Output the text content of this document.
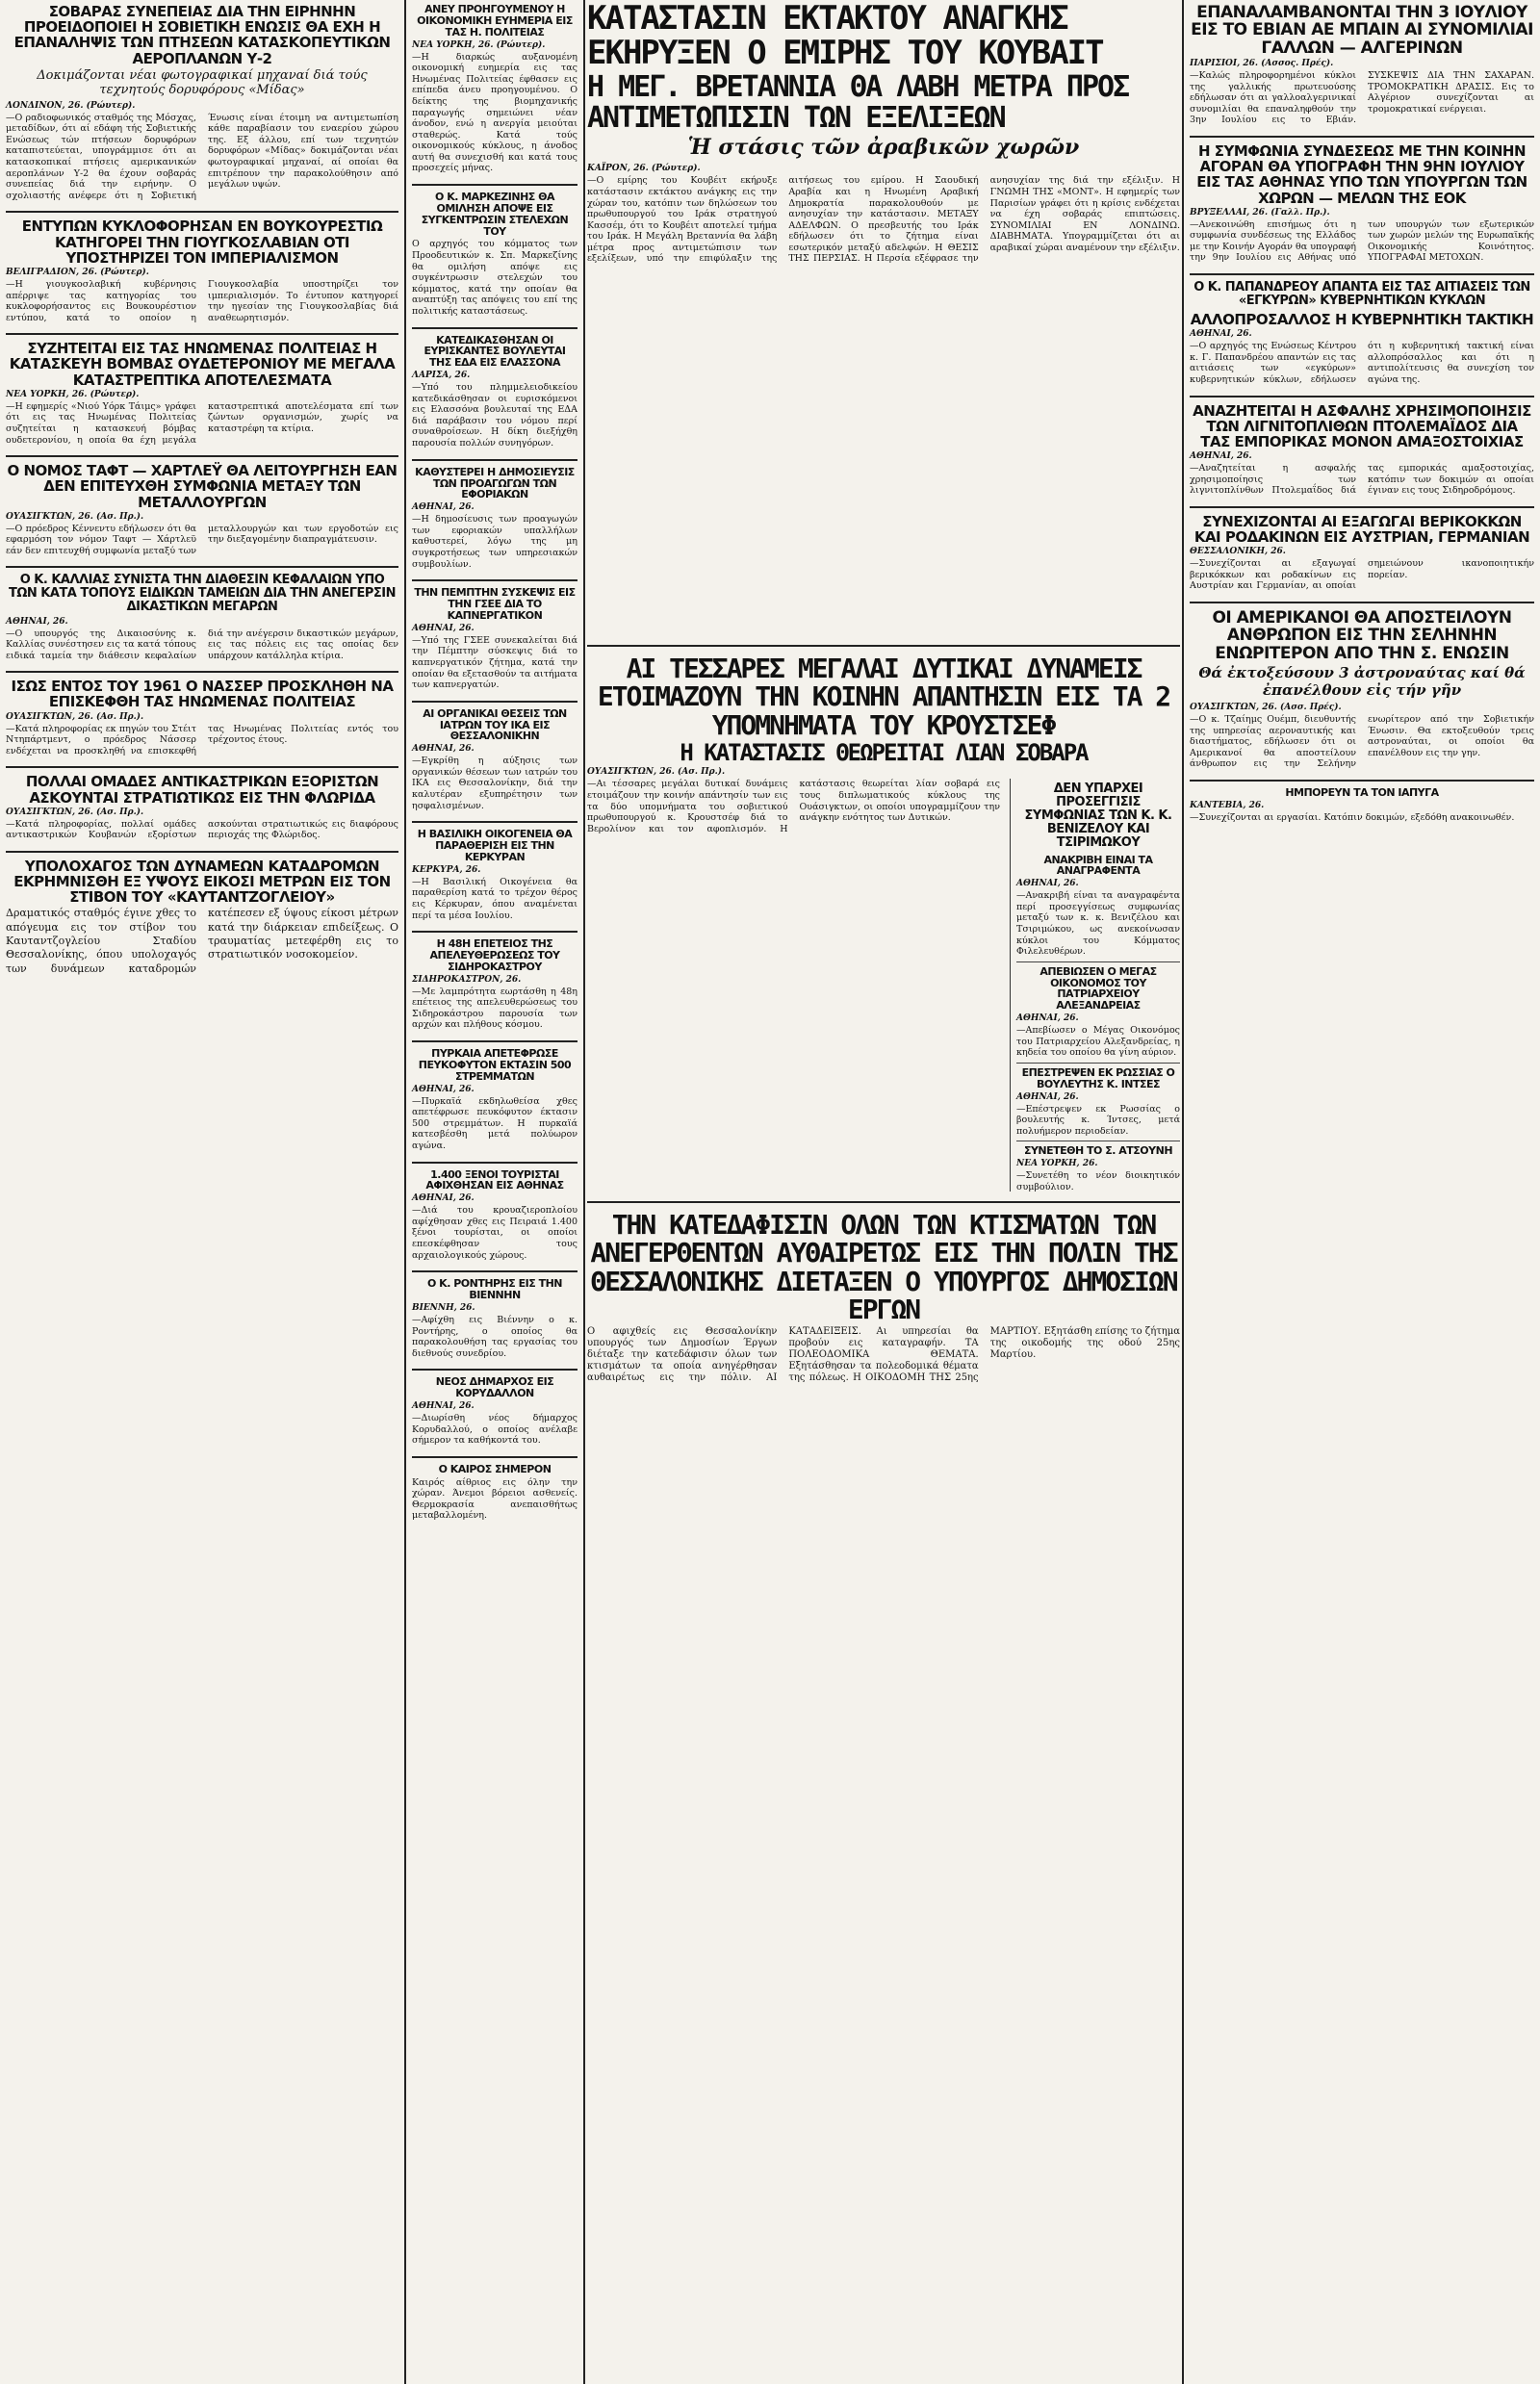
ΣΟΒΑΡΑΣ ΣΥΝΕΠΕΙΑΣ ΔΙΑ ΤΗΝ ΕΙΡΗΝΗΝ ΠΡΟΕΙΔΟΠΟΙΕΙ Η ΣΟΒΙΕΤΙΚΗ ΕΝΩΣΙΣ ΘΑ ΕΧΗ Η ΕΠΑΝΑΛΗΨΙΣ ΤΩΝ ΠΤΗΣΕΩΝ ΚΑΤΑΣΚΟΠΕΥΤΙΚΩΝ ΑΕΡΟΠΛΑΝΩΝ Υ-2
Δοκιμάζονται νέαι φωτογραφικαί μηχαναί διά τούς τεχνητούς δορυφόρους «Μίδας»
ΛΟΝΔΙΝΟΝ, 26. (Ρώυτερ).

—Ο ραδιοφωνικός σταθμός της Μόσχας, μεταδίδων, ότι αί εδάφη τής Σοβιετικής Ενώσεως τών πτήσεων δορυφόρων καταπιστεύεται, υπογράμμισε ότι αι κατασκοπικαί πτήσεις αμερικανικών αεροπλάνων Υ-2 θα έχουν σοβαράς συνεπείας διά την ειρήνην. Ο σχολιαστής ανέφερε ότι η Σοβιετική Ένωσις είναι έτοιμη να αντιμετωπίση κάθε παραβίασιν του εναερίου χώρου της. Εξ άλλου, επί των τεχνητών δορυφόρων «Μίδας» δοκιμάζονται νέαι φωτογραφικαί μηχαναί, αί οποίαι θα επιτρέπουν την παρακολούθησιν από μεγάλων υψών.

ΕΝΤΥΠΩΝ ΚΥΚΛΟΦΟΡΗΣΑΝ ΕΝ ΒΟΥΚΟΥΡΕΣΤΙΩ ΚΑΤΗΓΟΡΕΙ ΤΗΝ ΓΙΟΥΓΚΟΣΛΑΒΙΑΝ ΟΤΙ ΥΠΟΣΤΗΡΙΖΕΙ ΤΟΝ ΙΜΠΕΡΙΑΛΙΣΜΟΝ
ΒΕΛΙΓΡΑΔΙΟΝ, 26. (Ρώυτερ).

—Η γιουγκοσλαβική κυβέρνησις απέρριψε τας κατηγορίας του κυκλοφορήσαντος εις Βουκουρέστιον εντύπου, κατά το οποίον η Γιουγκοσλαβία υποστηρίζει τον ιμπεριαλισμόν. Το έντυπον κατηγορεί την ηγεσίαν της Γιουγκοσλαβίας διά αναθεωρητισμόν.

ΣΥΖΗΤΕΙΤΑΙ ΕΙΣ ΤΑΣ ΗΝΩΜΕΝΑΣ ΠΟΛΙΤΕΙΑΣ Η ΚΑΤΑΣΚΕΥΗ ΒΟΜΒΑΣ ΟΥΔΕΤΕΡΟΝΙΟΥ ΜΕ ΜΕΓΑΛΑ ΚΑΤΑΣΤΡΕΠΤΙΚΑ ΑΠΟΤΕΛΕΣΜΑΤΑ
ΝΕΑ ΥΟΡΚΗ, 26. (Ρώυτερ).

—Η εφημερίς «Νιού Υόρκ Τάιμς» γράφει ότι εις τας Ηνωμένας Πολιτείας συζητείται η κατασκευή βόμβας ουδετερονίου, η οποία θα έχη μεγάλα καταστρεπτικά αποτελέσματα επί των ζώντων οργανισμών, χωρίς να καταστρέφη τα κτίρια.

Ο ΝΟΜΟΣ ΤΑΦΤ — ΧΑΡΤΛΕΫ ΘΑ ΛΕΙΤΟΥΡΓΗΣΗ ΕΑΝ ΔΕΝ ΕΠΙΤΕΥΧΘΗ ΣΥΜΦΩΝΙΑ ΜΕΤΑΞΥ ΤΩΝ ΜΕΤΑΛΛΟΥΡΓΩΝ
ΟΥΑΣΙΓΚΤΩΝ, 26. (Ασ. Πρ.).

—Ο πρόεδρος Κέννεντυ εδήλωσεν ότι θα εφαρμόση τον νόμον Ταφτ — Χάρτλεϋ εάν δεν επιτευχθή συμφωνία μεταξύ των μεταλλουργών και των εργοδοτών εις την διεξαγομένην διαπραγμάτευσιν.

Ο Κ. ΚΑΛΛΙΑΣ ΣΥΝΙΣΤΑ ΤΗΝ ΔΙΑΘΕΣΙΝ ΚΕΦΑΛΑΙΩΝ ΥΠΟ ΤΩΝ ΚΑΤΑ ΤΟΠΟΥΣ ΕΙΔΙΚΩΝ ΤΑΜΕΙΩΝ ΔΙΑ ΤΗΝ ΑΝΕΓΕΡΣΙΝ ΔΙΚΑΣΤΙΚΩΝ ΜΕΓΑΡΩΝ
ΑΘΗΝΑΙ, 26.

—Ο υπουργός της Δικαιοσύνης κ. Καλλίας συνέστησεν εις τα κατά τόπους ειδικά ταμεία την διάθεσιν κεφαλαίων διά την ανέγερσιν δικαστικών μεγάρων, εις τας πόλεις εις τας οποίας δεν υπάρχουν κατάλληλα κτίρια.

ΙΣΩΣ ΕΝΤΟΣ ΤΟΥ 1961 Ο ΝΑΣΣΕΡ ΠΡΟΣΚΛΗΘΗ ΝΑ ΕΠΙΣΚΕΦΘΗ ΤΑΣ ΗΝΩΜΕΝΑΣ ΠΟΛΙΤΕΙΑΣ
ΟΥΑΣΙΓΚΤΩΝ, 26. (Ασ. Πρ.).

—Κατά πληροφορίας εκ πηγών του Στέιτ Ντηπάρτμεντ, ο πρόεδρος Νάσσερ ενδέχεται να προσκληθή να επισκεφθή τας Ηνωμένας Πολιτείας εντός του τρέχοντος έτους.

ΠΟΛΛΑΙ ΟΜΑΔΕΣ ΑΝΤΙΚΑΣΤΡΙΚΩΝ ΕΞΟΡΙΣΤΩΝ ΑΣΚΟΥΝΤΑΙ ΣΤΡΑΤΙΩΤΙΚΩΣ ΕΙΣ ΤΗΝ ΦΛΩΡΙΔΑ
ΟΥΑΣΙΓΚΤΩΝ, 26. (Ασ. Πρ.).

—Κατά πληροφορίας, πολλαί ομάδες αντικαστρικών Κουβανών εξορίστων ασκούνται στρατιωτικώς εις διαφόρους περιοχάς της Φλώριδος.

ΥΠΟΛΟΧΑΓΟΣ ΤΩΝ ΔΥΝΑΜΕΩΝ ΚΑΤΑΔΡΟΜΩΝ ΕΚΡΗΜΝΙΣΘΗ ΕΞ ΥΨΟΥΣ ΕΙΚΟΣΙ ΜΕΤΡΩΝ ΕΙΣ ΤΟΝ ΣΤΙΒΟΝ ΤΟΥ «ΚΑΥΤΑΝΤΖΟΓΛΕΙΟΥ»

Δραματικός σταθμός έγινε χθες το απόγευμα εις τον στίβον του Καυταντζογλείου Σταδίου Θεσσαλονίκης, όπου υπολοχαγός των δυνάμεων καταδρομών κατέπεσεν εξ ύψους είκοσι μέτρων κατά την διάρκειαν επιδείξεως. Ο τραυματίας μετεφέρθη εις το στρατιωτικόν νοσοκομείον.

ΑΝΕΥ ΠΡΟΗΓΟΥΜΕΝΟΥ Η ΟΙΚΟΝΟΜΙΚΗ ΕΥΗΜΕΡΙΑ ΕΙΣ ΤΑΣ Η. ΠΟΛΙΤΕΙΑΣ
ΝΕΑ ΥΟΡΚΗ, 26. (Ρώυτερ).

—Η διαρκώς αυξανομένη οικονομική ευημερία εις τας Ηνωμένας Πολιτείας έφθασεν εις επίπεδα άνευ προηγουμένου. Ο δείκτης της βιομηχανικής παραγωγής σημειώνει νέαν άνοδον, ενώ η ανεργία μειούται σταθερώς. Κατά τούς οικονομικούς κύκλους, η άνοδος αυτή θα συνεχισθή και κατά τους προσεχείς μήνας.

Ο Κ. ΜΑΡΚΕΖΙΝΗΣ ΘΑ ΟΜΙΛΗΣΗ ΑΠΟΨΕ ΕΙΣ ΣΥΓΚΕΝΤΡΩΣΙΝ ΣΤΕΛΕΧΩΝ ΤΟΥ

Ο αρχηγός του κόμματος των Προοδευτικών κ. Σπ. Μαρκεζίνης θα ομιλήση απόψε εις συγκέντρωσιν στελεχών του κόμματος, κατά την οποίαν θα αναπτύξη τας απόψεις του επί της πολιτικής καταστάσεως.

ΚΑΤΕΔΙΚΑΣΘΗΣΑΝ ΟΙ ΕΥΡΙΣΚΑΝΤΕΣ ΒΟΥΛΕΥΤΑΙ ΤΗΣ ΕΔΑ ΕΙΣ ΕΛΑΣΣΟΝΑ
ΛΑΡΙΣΑ, 26.

—Υπό του πλημμελειοδικείου κατεδικάσθησαν οι ευρισκόμενοι εις Ελασσόνα βουλευταί της ΕΔΑ διά παράβασιν του νόμου περί συναθροίσεων. Η δίκη διεξήχθη παρουσία πολλών συνηγόρων.

ΚΑΘΥΣΤΕΡΕΙ Η ΔΗΜΟΣΙΕΥΣΙΣ ΤΩΝ ΠΡΟΑΓΩΓΩΝ ΤΩΝ ΕΦΟΡΙΑΚΩΝ
ΑΘΗΝΑΙ, 26.

—Η δημοσίευσις των προαγωγών των εφοριακών υπαλλήλων καθυστερεί, λόγω της μη συγκροτήσεως των υπηρεσιακών συμβουλίων.

ΤΗΝ ΠΕΜΠΤΗΝ ΣΥΣΚΕΨΙΣ ΕΙΣ ΤΗΝ ΓΣΕΕ ΔΙΑ ΤΟ ΚΑΠΝΕΡΓΑΤΙΚΟΝ
ΑΘΗΝΑΙ, 26.

—Υπό της ΓΣΕΕ συνεκαλείται διά την Πέμπτην σύσκεψις διά το καπνεργατικόν ζήτημα, κατά την οποίαν θα εξετασθούν τα αιτήματα των καπνεργατών.

ΑΙ ΟΡΓΑΝΙΚΑΙ ΘΕΣΕΙΣ ΤΩΝ ΙΑΤΡΩΝ ΤΟΥ ΙΚΑ ΕΙΣ ΘΕΣΣΑΛΟΝΙΚΗΝ
ΑΘΗΝΑΙ, 26.

—Εγκρίθη η αύξησις των οργανικών θέσεων των ιατρών του ΙΚΑ εις Θεσσαλονίκην, διά την καλυτέραν εξυπηρέτησιν των ησφαλισμένων.

Η ΒΑΣΙΛΙΚΗ ΟΙΚΟΓΕΝΕΙΑ ΘΑ ΠΑΡΑΘΕΡΙΣΗ ΕΙΣ ΤΗΝ ΚΕΡΚΥΡΑΝ
ΚΕΡΚΥΡΑ, 26.

—Η Βασιλική Οικογένεια θα παραθερίση κατά το τρέχον θέρος εις Κέρκυραν, όπου αναμένεται περί τα μέσα Ιουλίου.

Η 48Η ΕΠΕΤΕΙΟΣ ΤΗΣ ΑΠΕΛΕΥΘΕΡΩΣΕΩΣ ΤΟΥ ΣΙΔΗΡΟΚΑΣΤΡΟΥ
ΣΙΔΗΡΟΚΑΣΤΡΟΝ, 26.

—Με λαμπρότητα εωρτάσθη η 48η επέτειος της απελευθερώσεως του Σιδηροκάστρου παρουσία των αρχών και πλήθους κόσμου.

ΠΥΡΚΑΙΑ ΑΠΕΤΕΦΡΩΣΕ ΠΕΥΚΟΦΥΤΟΝ ΕΚΤΑΣΙΝ 500 ΣΤΡΕΜΜΑΤΩΝ
ΑΘΗΝΑΙ, 26.

—Πυρκαϊά εκδηλωθείσα χθες απετέφρωσε πευκόφυτον έκτασιν 500 στρεμμάτων. Η πυρκαϊά κατεσβέσθη μετά πολύωρον αγώνα.

1.400 ΞΕΝΟΙ ΤΟΥΡΙΣΤΑΙ ΑΦΙΧΘΗΣΑΝ ΕΙΣ ΑΘΗΝΑΣ
ΑΘΗΝΑΙ, 26.

—Διά του κρουαζιεροπλοίου αφίχθησαν χθες εις Πειραιά 1.400 ξένοι τουρίσται, οι οποίοι επεσκέφθησαν τους αρχαιολογικούς χώρους.

Ο Κ. ΡΟΝΤΗΡΗΣ ΕΙΣ ΤΗΝ ΒΙΕΝΝΗΝ
ΒΙΕΝΝΗ, 26.

—Αφίχθη εις Βιέννην ο κ. Ροντήρης, ο οποίος θα παρακολουθήση τας εργασίας του διεθνούς συνεδρίου.

ΝΕΟΣ ΔΗΜΑΡΧΟΣ ΕΙΣ ΚΟΡΥΔΑΛΛΟΝ
ΑΘΗΝΑΙ, 26.

—Διωρίσθη νέος δήμαρχος Κορυδαλλού, ο οποίος ανέλαβε σήμερον τα καθήκοντά του.

Ο ΚΑΙΡΟΣ ΣΗΜΕΡΟΝ

Καιρός αίθριος εις όλην την χώραν. Άνεμοι βόρειοι ασθενείς. Θερμοκρασία ανεπαισθήτως μεταβαλλομένη.

ΚΑΤΑΣΤΑΣΙΝ ΕΚΤΑΚΤΟΥ ΑΝΑΓΚΗΣ ΕΚΗΡΥΞΕΝ Ο ΕΜΙΡΗΣ ΤΟΥ ΚΟΥΒΑΙΤ
Η ΜΕΓ. ΒΡΕΤΑΝΝΙΑ ΘΑ ΛΑΒΗ ΜΕΤΡΑ ΠΡΟΣ ΑΝΤΙΜΕΤΩΠΙΣΙΝ ΤΩΝ ΕΞΕΛΙΞΕΩΝ
Ἡ στάσις τῶν ἀραβικῶν χωρῶν
ΚΑΪΡΟΝ, 26. (Ρώυτερ).

—Ο εμίρης του Κουβέιτ εκήρυξε κατάστασιν εκτάκτου ανάγκης εις την χώραν του, κατόπιν των δηλώσεων του πρωθυπουργού του Ιράκ στρατηγού Κασσέμ, ότι το Κουβέιτ αποτελεί τμήμα του Ιράκ. Η Μεγάλη Βρεταννία θα λάβη μέτρα προς αντιμετώπισιν των εξελίξεων, υπό την επιφύλαξιν της αιτήσεως του εμίρου. Η Σαουδική Αραβία και η Ηνωμένη Αραβική Δημοκρατία παρακολουθούν με ανησυχίαν την κατάστασιν. ΜΕΤΑΞΥ ΑΔΕΛΦΩΝ. Ο πρεσβευτής του Ιράκ εδήλωσεν ότι το ζήτημα είναι εσωτερικόν μεταξύ αδελφών. Η ΘΕΣΙΣ ΤΗΣ ΠΕΡΣΙΑΣ. Η Περσία εξέφρασε την ανησυχίαν της διά την εξέλιξιν. Η ΓΝΩΜΗ ΤΗΣ «ΜΟΝΤ». Η εφημερίς των Παρισίων γράφει ότι η κρίσις ενδέχεται να έχη σοβαράς επιπτώσεις. ΣΥΝΟΜΙΛΙΑΙ ΕΝ ΛΟΝΔΙΝΩ. ΔΙΑΒΗΜΑΤΑ. Υπογραμμίζεται ότι αι αραβικαί χώραι αναμένουν την εξέλιξιν.

ΑΙ ΤΕΣΣΑΡΕΣ ΜΕΓΑΛΑΙ ΔΥΤΙΚΑΙ ΔΥΝΑΜΕΙΣ ΕΤΟΙΜΑΖΟΥΝ ΤΗΝ ΚΟΙΝΗΝ ΑΠΑΝΤΗΣΙΝ ΕΙΣ ΤΑ 2 ΥΠΟΜΝΗΜΑΤΑ ΤΟΥ ΚΡΟΥΣΤΣΕΦ
Η ΚΑΤΑΣΤΑΣΙΣ ΘΕΩΡΕΙΤΑΙ ΛΙΑΝ ΣΟΒΑΡΑ
ΟΥΑΣΙΓΚΤΩΝ, 26. (Ασ. Πρ.).

—Αι τέσσαρες μεγάλαι δυτικαί δυνάμεις ετοιμάζουν την κοινήν απάντησίν των εις τα δύο υπομνήματα του σοβιετικού πρωθυπουργού κ. Κρουστσέφ διά το Βερολίνον και τον αφοπλισμόν. Η κατάστασις θεωρείται λίαν σοβαρά εις τους διπλωματικούς κύκλους της Ουάσιγκτων, οι οποίοι υπογραμμίζουν την ανάγκην ενότητος των Δυτικών.

ΔΕΝ ΥΠΑΡΧΕΙ ΠΡΟΣΕΓΓΙΣΙΣ ΣΥΜΦΩΝΙΑΣ ΤΩΝ Κ. Κ. ΒΕΝΙΖΕΛΟΥ ΚΑΙ ΤΣΙΡΙΜΩΚΟΥ
ΑΝΑΚΡΙΒΗ ΕΙΝΑΙ ΤΑ ΑΝΑΓΡΑΦΕΝΤΑ
ΑΘΗΝΑΙ, 26.

—Ανακριβή είναι τα αναγραφέντα περί προσεγγίσεως συμφωνίας μεταξύ των κ. κ. Βενιζέλου και Τσιριμώκου, ως ανεκοίνωσαν κύκλοι του Κόμματος Φιλελευθέρων.

ΑΠΕΒΙΩΣΕΝ Ο ΜΕΓΑΣ ΟΙΚΟΝΟΜΟΣ ΤΟΥ ΠΑΤΡΙΑΡΧΕΙΟΥ ΑΛΕΞΑΝΔΡΕΙΑΣ
ΑΘΗΝΑΙ, 26.

—Απεβίωσεν ο Μέγας Οικονόμος του Πατριαρχείου Αλεξανδρείας, η κηδεία του οποίου θα γίνη αύριον.

ΕΠΕΣΤΡΕΨΕΝ ΕΚ ΡΩΣΣΙΑΣ Ο ΒΟΥΛΕΥΤΗΣ Κ. ΙΝΤΣΕΣ
ΑΘΗΝΑΙ, 26.

—Επέστρεψεν εκ Ρωσσίας ο βουλευτής κ. Ίντσες, μετά πολυήμερον περιοδείαν.

ΣΥΝΕΤΕΘΗ ΤΟ Σ. ΑΤΣΟΥΝΗ
ΝΕΑ ΥΟΡΚΗ, 26.

—Συνετέθη το νέον διοικητικόν συμβούλιον.

ΤΗΝ ΚΑΤΕΔΑΦΙΣΙΝ ΟΛΩΝ ΤΩΝ ΚΤΙΣΜΑΤΩΝ ΤΩΝ ΑΝΕΓΕΡΘΕΝΤΩΝ ΑΥΘΑΙΡΕΤΩΣ ΕΙΣ ΤΗΝ ΠΟΛΙΝ ΤΗΣ ΘΕΣΣΑΛΟΝΙΚΗΣ ΔΙΕΤΑΞΕΝ Ο ΥΠΟΥΡΓΟΣ ΔΗΜΟΣΙΩΝ ΕΡΓΩΝ

Ο αφιχθείς εις Θεσσαλονίκην υπουργός των Δημοσίων Έργων διέταξε την κατεδάφισιν όλων των κτισμάτων τα οποία ανηγέρθησαν αυθαιρέτως εις την πόλιν. ΑΙ ΚΑΤΑΔΕΙΞΕΙΣ. Αι υπηρεσίαι θα προβούν εις καταγραφήν. ΤΑ ΠΟΛΕΟΔΟΜΙΚΑ ΘΕΜΑΤΑ. Εξητάσθησαν τα πολεοδομικά θέματα της πόλεως. Η ΟΙΚΟΔΟΜΗ ΤΗΣ 25ης ΜΑΡΤΙΟΥ. Εξητάσθη επίσης το ζήτημα της οικοδομής της οδού 25ης Μαρτίου.

ΕΠΑΝΑΛΑΜΒΑΝΟΝΤΑΙ ΤΗΝ 3 ΙΟΥΛΙΟΥ ΕΙΣ ΤΟ ΕΒΙΑΝ ΑΕ ΜΠΑΙΝ ΑΙ ΣΥΝΟΜΙΛΙΑΙ ΓΑΛΛΩΝ — ΑΛΓΕΡΙΝΩΝ
ΠΑΡΙΣΙΟΙ, 26. (Ασσος. Πρές).

—Καλώς πληροφορημένοι κύκλοι της γαλλικής πρωτευούσης εδήλωσαν ότι αι γαλλοαλγερινικαί συνομιλίαι θα επαναληφθούν την 3ην Ιουλίου εις το Εβιάν. ΣΥΣΚΕΨΙΣ ΔΙΑ ΤΗΝ ΣΑΧΑΡΑΝ. ΤΡΟΜΟΚΡΑΤΙΚΗ ΔΡΑΣΙΣ. Εις το Αλγέριον συνεχίζονται αι τρομοκρατικαί ενέργειαι.

Η ΣΥΜΦΩΝΙΑ ΣΥΝΔΕΣΕΩΣ ΜΕ ΤΗΝ ΚΟΙΝΗΝ ΑΓΟΡΑΝ ΘΑ ΥΠΟΓΡΑΦΗ ΤΗΝ 9ΗΝ ΙΟΥΛΙΟΥ ΕΙΣ ΤΑΣ ΑΘΗΝΑΣ ΥΠΟ ΤΩΝ ΥΠΟΥΡΓΩΝ ΤΩΝ ΧΩΡΩΝ — ΜΕΛΩΝ ΤΗΣ ΕΟΚ
ΒΡΥΞΕΛΛΑΙ, 26. (Γαλλ. Πρ.).

—Ανεκοινώθη επισήμως ότι η συμφωνία συνδέσεως της Ελλάδος με την Κοινήν Αγοράν θα υπογραφή την 9ην Ιουλίου εις Αθήνας υπό των υπουργών των εξωτερικών των χωρών μελών της Ευρωπαϊκής Οικονομικής Κοινότητος. ΥΠΟΓΡΑΦΑΙ ΜΕΤΟΧΩΝ.

Ο Κ. ΠΑΠΑΝΔΡΕΟΥ ΑΠΑΝΤΑ ΕΙΣ ΤΑΣ ΑΙΤΙΑΣΕΙΣ ΤΩΝ «ΕΓΚΥΡΩΝ» ΚΥΒΕΡΝΗΤΙΚΩΝ ΚΥΚΛΩΝ
ΑΛΛΟΠΡΟΣΑΛΛΟΣ Η ΚΥΒΕΡΝΗΤΙΚΗ ΤΑΚΤΙΚΗ
ΑΘΗΝΑΙ, 26.

—Ο αρχηγός της Ενώσεως Κέντρου κ. Γ. Παπανδρέου απαντών εις τας αιτιάσεις των «εγκύρων» κυβερνητικών κύκλων, εδήλωσεν ότι η κυβερνητική τακτική είναι αλλοπρόσαλλος και ότι η αντιπολίτευσις θα συνεχίση τον αγώνα της.

ΑΝΑΖΗΤΕΙΤΑΙ Η ΑΣΦΑΛΗΣ ΧΡΗΣΙΜΟΠΟΙΗΣΙΣ ΤΩΝ ΛΙΓΝΙΤΟΠΛΙΘΩΝ ΠΤΟΛΕΜΑΪΔΟΣ ΔΙΑ ΤΑΣ ΕΜΠΟΡΙΚΑΣ ΜΟΝΟΝ ΑΜΑΞΟΣΤΟΙΧΙΑΣ
ΑΘΗΝΑΙ, 26.

—Αναζητείται η ασφαλής χρησιμοποίησις των λιγνιτοπλίνθων Πτολεμαΐδος διά τας εμπορικάς αμαξοστοιχίας, κατόπιν των δοκιμών αι οποίαι έγιναν εις τους Σιδηροδρόμους.

ΣΥΝΕΧΙΖΟΝΤΑΙ ΑΙ ΕΞΑΓΩΓΑΙ ΒΕΡΙΚΟΚΚΩΝ ΚΑΙ ΡΟΔΑΚΙΝΩΝ ΕΙΣ ΑΥΣΤΡΙΑΝ, ΓΕΡΜΑΝΙΑΝ
ΘΕΣΣΑΛΟΝΙΚΗ, 26.

—Συνεχίζονται αι εξαγωγαί βερικόκκων και ροδακίνων εις Αυστρίαν και Γερμανίαν, αι οποίαι σημειώνουν ικανοποιητικήν πορείαν.

ΟΙ ΑΜΕΡΙΚΑΝΟΙ ΘΑ ΑΠΟΣΤΕΙΛΟΥΝ ΑΝΘΡΩΠΟΝ ΕΙΣ ΤΗΝ ΣΕΛΗΝΗΝ ΕΝΩΡΙΤΕΡΟΝ ΑΠΟ ΤΗΝ Σ. ΕΝΩΣΙΝ
Θά ἐκτοξεύσουν 3 ἀστροναύτας καί θά ἐπανέλθουν εἰς τήν γῆν
ΟΥΑΣΙΓΚΤΩΝ, 26. (Ασσ. Πρές).

—Ο κ. Τζαίημς Ουέμπ, διευθυντής της υπηρεσίας αεροναυτικής και διαστήματος, εδήλωσεν ότι οι Αμερικανοί θα αποστείλουν άνθρωπον εις την Σελήνην ενωρίτερον από την Σοβιετικήν Ένωσιν. Θα εκτοξευθούν τρεις αστροναύται, οι οποίοι θα επανέλθουν εις την γην.

ΗΜΠΟΡΕΥΝ ΤΑ ΤΟΝ ΙΑΠΥΓΑ
ΚΑΝΤΕΒΙΑ, 26.

—Συνεχίζονται αι εργασίαι. Κατόπιν δοκιμών, εξεδόθη ανακοινωθέν.
